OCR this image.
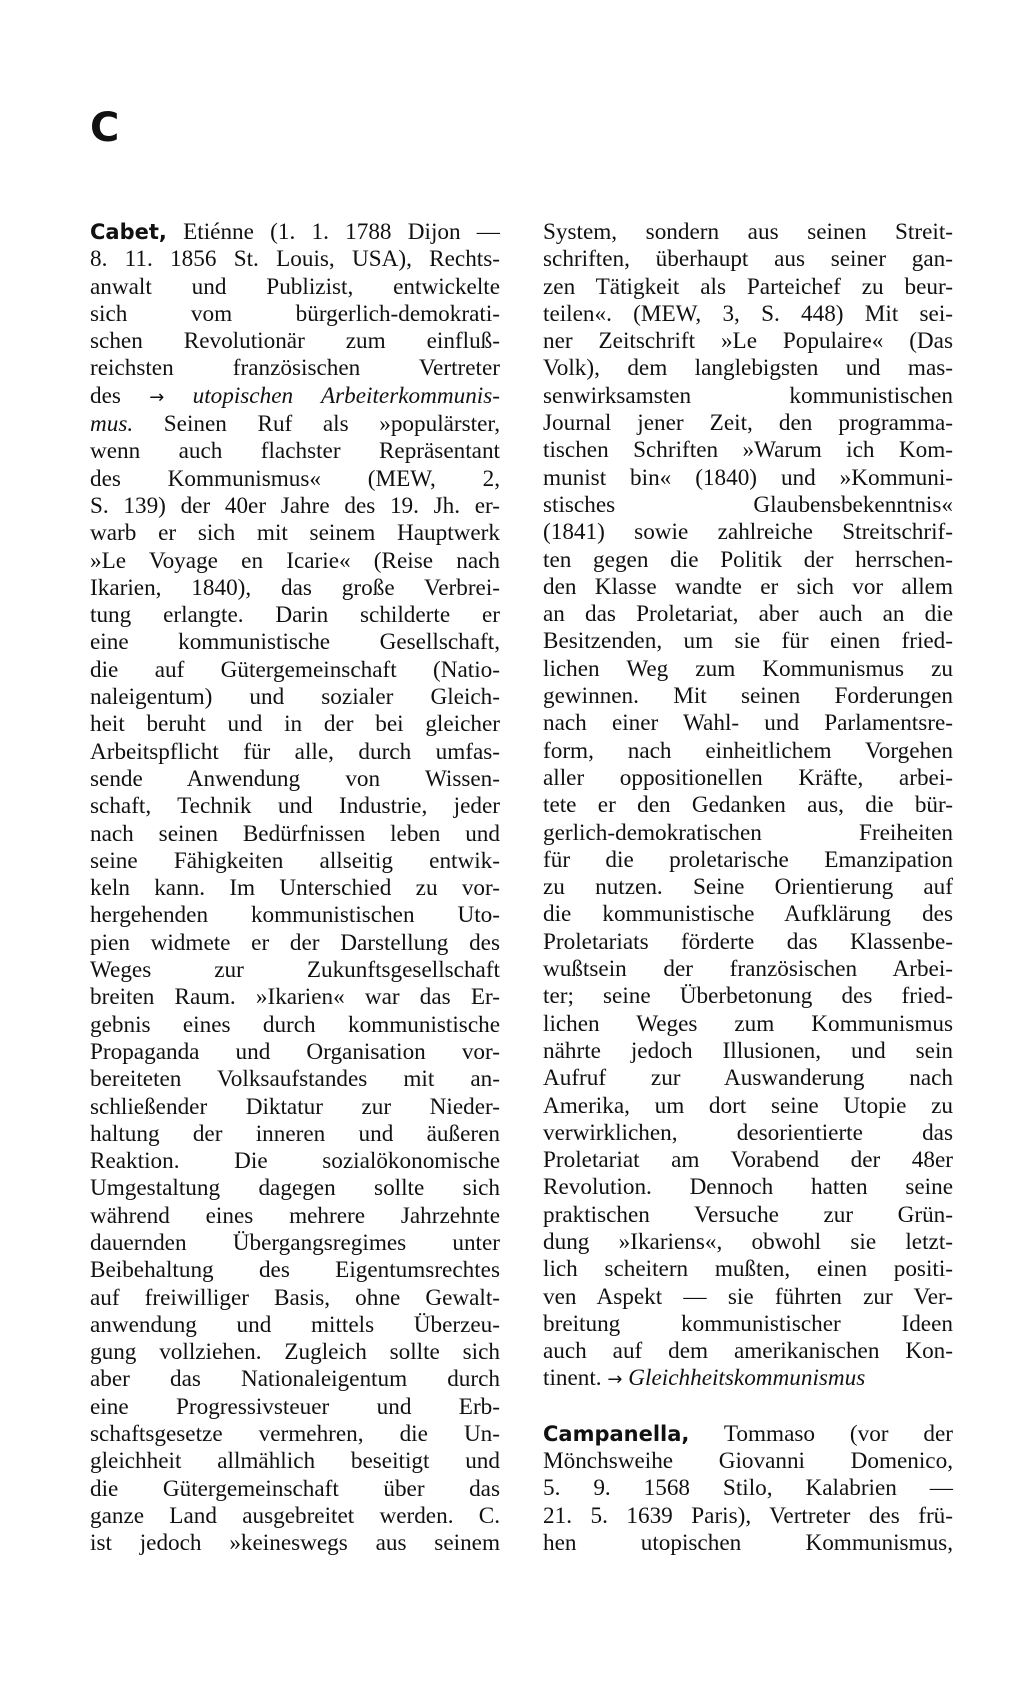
C
Cabet, Etiénne (1. 1. 1788 Dijon —
8. 11. 1856 St. Louis, USA), Rechts-
anwalt und Publizist, entwickelte
sich vom bürgerlich-demokrati-
schen Revolutionär zum einfluß-
reichsten französischen Vertreter
des → utopischen Arbeiterkommunis-
mus. Seinen Ruf als »populärster,
wenn auch flachster Repräsentant
des Kommunismus« (MEW, 2,
S. 139) der 40er Jahre des 19. Jh. er-
warb er sich mit seinem Hauptwerk
»Le Voyage en Icarie« (Reise nach
Ikarien, 1840), das große Verbrei-
tung erlangte. Darin schilderte er
eine kommunistische Gesellschaft,
die auf Gütergemeinschaft (Natio-
naleigentum) und sozialer Gleich-
heit beruht und in der bei gleicher
Arbeitspflicht für alle, durch umfas-
sende Anwendung von Wissen-
schaft, Technik und Industrie, jeder
nach seinen Bedürfnissen leben und
seine Fähigkeiten allseitig entwik-
keln kann. Im Unterschied zu vor-
hergehenden kommunistischen Uto-
pien widmete er der Darstellung des
Weges zur Zukunftsgesellschaft
breiten Raum. »Ikarien« war das Er-
gebnis eines durch kommunistische
Propaganda und Organisation vor-
bereiteten Volksaufstandes mit an-
schließender Diktatur zur Nieder-
haltung der inneren und äußeren
Reaktion. Die sozialökonomische
Umgestaltung dagegen sollte sich
während eines mehrere Jahrzehnte
dauernden Übergangsregimes unter
Beibehaltung des Eigentumsrechtes
auf freiwilliger Basis, ohne Gewalt-
anwendung und mittels Überzeu-
gung vollziehen. Zugleich sollte sich
aber das Nationaleigentum durch
eine Progressivsteuer und Erb-
schaftsgesetze vermehren, die Un-
gleichheit allmählich beseitigt und
die Gütergemeinschaft über das
ganze Land ausgebreitet werden. C.
ist jedoch »keineswegs aus seinem
System, sondern aus seinen Streit-
schriften, überhaupt aus seiner gan-
zen Tätigkeit als Parteichef zu beur-
teilen«. (MEW, 3, S. 448) Mit sei-
ner Zeitschrift »Le Populaire« (Das
Volk), dem langlebigsten und mas-
senwirksamsten kommunistischen
Journal jener Zeit, den programma-
tischen Schriften »Warum ich Kom-
munist bin« (1840) und »Kommuni-
stisches Glaubensbekenntnis«
(1841) sowie zahlreiche Streitschrif-
ten gegen die Politik der herrschen-
den Klasse wandte er sich vor allem
an das Proletariat, aber auch an die
Besitzenden, um sie für einen fried-
lichen Weg zum Kommunismus zu
gewinnen. Mit seinen Forderungen
nach einer Wahl- und Parlamentsre-
form, nach einheitlichem Vorgehen
aller oppositionellen Kräfte, arbei-
tete er den Gedanken aus, die bür-
gerlich-demokratischen Freiheiten
für die proletarische Emanzipation
zu nutzen. Seine Orientierung auf
die kommunistische Aufklärung des
Proletariats förderte das Klassenbe-
wußtsein der französischen Arbei-
ter; seine Überbetonung des fried-
lichen Weges zum Kommunismus
nährte jedoch Illusionen, und sein
Aufruf zur Auswanderung nach
Amerika, um dort seine Utopie zu
verwirklichen, desorientierte das
Proletariat am Vorabend der 48er
Revolution. Dennoch hatten seine
praktischen Versuche zur Grün-
dung »Ikariens«, obwohl sie letzt-
lich scheitern mußten, einen positi-
ven Aspekt — sie führten zur Ver-
breitung kommunistischer Ideen
auch auf dem amerikanischen Kon-
tinent. → Gleichheitskommunismus
Campanella, Tommaso (vor der
Mönchsweihe Giovanni Domenico,
5. 9. 1568 Stilo, Kalabrien —
21. 5. 1639 Paris), Vertreter des frü-
hen utopischen Kommunismus,
